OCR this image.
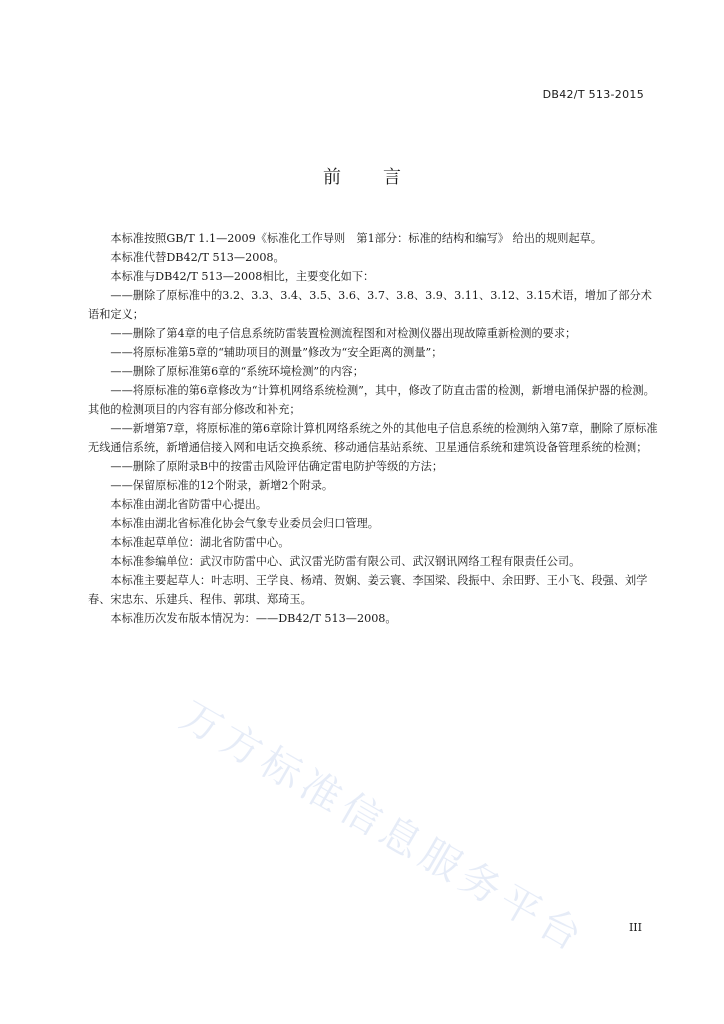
DB42/T 513-2015
前 言

本标准按照GB/T 1.1—2009《标准化工作导则　第1部分：标准的结构和编写》 给出的规则起草。

本标准代替DB42/T 513—2008。

本标准与DB42/T 513—2008相比，主要变化如下：

——删除了原标准中的3.2、3.3、3.4、3.5、3.6、3.7、3.8、3.9、3.11、3.12、3.15术语，增加了部分术语和定义；

——删除了第4章的电子信息系统防雷装置检测流程图和对检测仪器出现故障重新检测的要求；

——将原标准第5章的“辅助项目的测量”修改为“安全距离的测量”；

——删除了原标准第6章的“系统环境检测”的内容；

——将原标准的第6章修改为“计算机网络系统检测”，其中，修改了防直击雷的检测，新增电涌保护器的检测。其他的检测项目的内容有部分修改和补充；

——新增第7章，将原标准的第6章除计算机网络系统之外的其他电子信息系统的检测纳入第7章，删除了原标准无线通信系统，新增通信接入网和电话交换系统、移动通信基站系统、卫星通信系统和建筑设备管理系统的检测；

——删除了原附录B中的按雷击风险评估确定雷电防护等级的方法；

——保留原标准的12个附录，新增2个附录。

本标准由湖北省防雷中心提出。

本标准由湖北省标准化协会气象专业委员会归口管理。

本标准起草单位：湖北省防雷中心。

本标准参编单位：武汉市防雷中心、武汉雷光防雷有限公司、武汉钢讯网络工程有限责任公司。

本标准主要起草人：叶志明、王学良、杨靖、贺娴、姜云寰、李国梁、段振中、余田野、王小飞、段强、刘学春、宋忠东、乐建兵、程伟、郭琪、郑琦玉。

本标准历次发布版本情况为：——DB42/T 513—2008。

万方标准信息服务平台	III
